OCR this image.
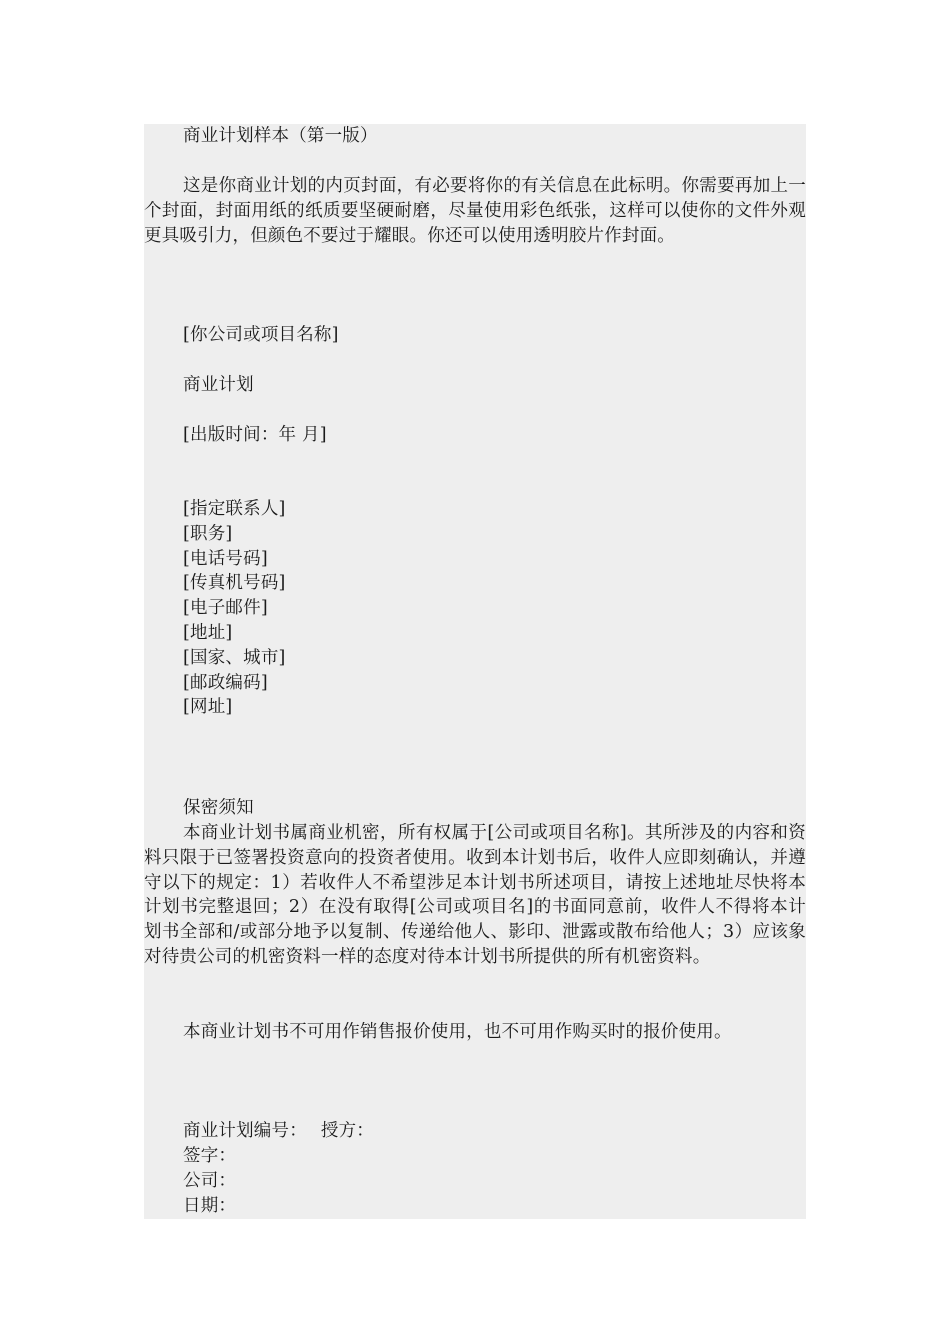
商业计划样本（第一版）

这是你商业计划的内页封面，有必要将你的有关信息在此标明。你需要再加上一个封面，封面用纸的纸质要坚硬耐磨，尽量使用彩色纸张，这样可以使你的文件外观更具吸引力，但颜色不要过于耀眼。你还可以使用透明胶片作封面。

[你公司或项目名称]

商业计划

[出版时间：年 月]

[指定联系人]
[职务]
[电话号码]
[传真机号码]
[电子邮件]
[地址]
[国家、城市]
[邮政编码]
[网址]

保密须知

本商业计划书属商业机密，所有权属于[公司或项目名称]。其所涉及的内容和资料只限于已签署投资意向的投资者使用。收到本计划书后，收件人应即刻确认，并遵守以下的规定：1）若收件人不希望涉足本计划书所述项目，请按上述地址尽快将本计划书完整退回；2）在没有取得[公司或项目名]的书面同意前，收件人不得将本计划书全部和/或部分地予以复制、传递给他人、影印、泄露或散布给他人；3）应该象对待贵公司的机密资料一样的态度对待本计划书所提供的所有机密资料。

本商业计划书不可用作销售报价使用，也不可用作购买时的报价使用。

商业计划编号： 授方：

签字：

公司：

日期：
